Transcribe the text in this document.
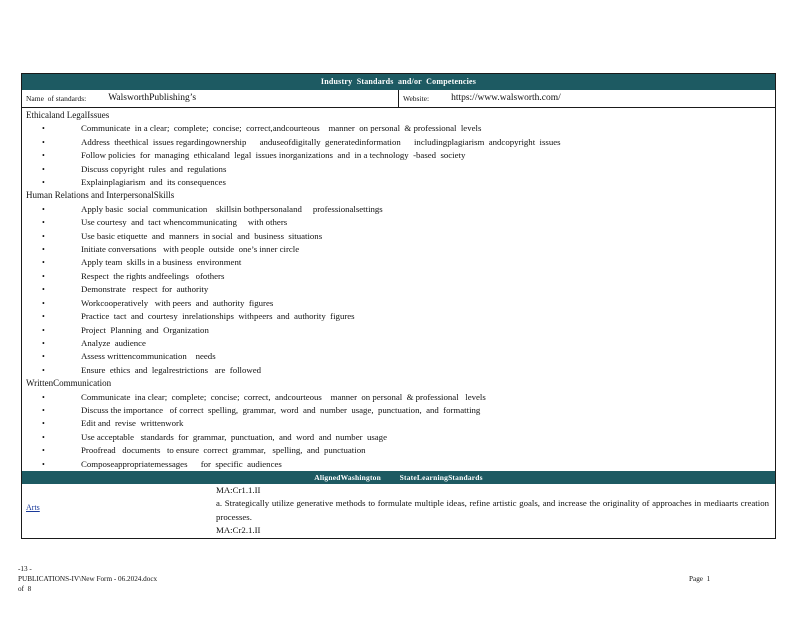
Industry  Standards  and/or  Competencies
Name  of standards: WalsworthPublishing’s	Website: https://www.walsworth.com/
Ethicaland LegalIssues
•	Communicate  in a clear;  complete;  concise;  correct,andcourteous    manner  on personal  & professional  levels
•	Address  theethical  issues regardingownership      anduseofdigitally  generatedinformation      includingplagiarism  andcopyright  issues
•	Follow policies  for  managing  ethicaland  legal  issues inorganizations  and  in a technology  -based  society
•	Discuss copyright  rules  and  regulations
•	Explainplagiarism  and  its consequences
Human Relations and InterpersonalSkills
•	Apply basic  social  communication    skillsin bothpersonaland     professionalsettings
•	Use courtesy  and  tact whencommunicating     with others
•	Use basic etiquette  and  manners  in social  and  business  situations
•	Initiate conversations   with people  outside  one’s inner circle
•	Apply team  skills in a business  environment
•	Respect  the rights andfeelings   ofothers
•	Demonstrate   respect  for  authority
•	Workcooperatively   with peers  and  authority  figures
•	Practice  tact  and  courtesy  inrelationships  withpeers  and  authority  figures
•	Project  Planning  and  Organization
•	Analyze  audience
•	Assess writtencommunication    needs
•	Ensure  ethics  and  legalrestrictions   are  followed
WrittenCommunication
•	Communicate  ina clear;  complete;  concise;  correct,  andcourteous    manner  on personal  & professional   levels
•	Discuss the importance   of correct  spelling,  grammar,  word  and  number  usage,  punctuation,  and  formatting
•	Edit and  revise  writtenwork
•	Use acceptable   standards  for  grammar,  punctuation,  and  word  and  number  usage
•	Proofread   documents   to ensure  correct  grammar,   spelling,  and  punctuation
•	Composeappropriatemessages      for  specific  audiences
AlignedWashington         StateLearningStandards
Arts
MA:Cr1.1.II
a. Strategically utilize generative methods to formulate multiple ideas, refine artistic goals, and increase the originality of approaches in mediaarts creation processes.
MA:Cr2.1.II
-13 -
PUBLICATIONS-IV\New Form - 06.2024.docx
of  8
Page  1
